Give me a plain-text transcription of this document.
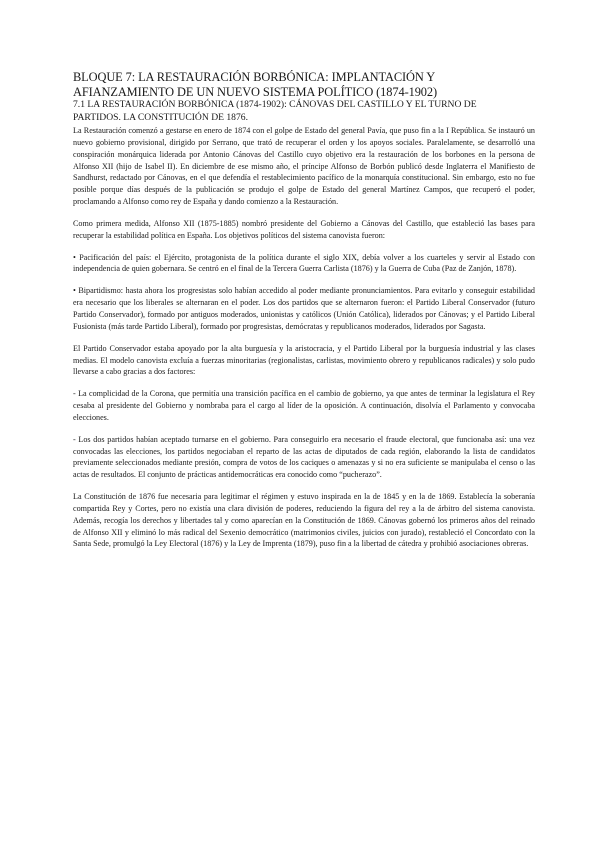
BLOQUE 7: LA RESTAURACIÓN BORBÓNICA: IMPLANTACIÓN Y
AFIANZAMIENTO DE UN NUEVO SISTEMA POLÍTICO (1874-1902)
7.1 LA RESTAURACIÓN BORBÓNICA (1874-1902): CÁNOVAS DEL CASTILLO Y EL TURNO DE
PARTIDOS. LA CONSTITUCIÓN DE 1876.

La Restauración comenzó a gestarse en enero de 1874 con el golpe de Estado del general Pavía, que puso fin a la I República. Se instauró un nuevo gobierno provisional, dirigido por Serrano, que trató de recuperar el orden y los apoyos sociales. Paralelamente, se desarrolló una conspiración monárquica liderada por Antonio Cánovas del Castillo cuyo objetivo era la restauración de los borbones en la persona de Alfonso XII (hijo de Isabel II). En diciembre de ese mismo año, el príncipe Alfonso de Borbón publicó desde Inglaterra el Manifiesto de Sandhurst, redactado por Cánovas, en el que defendía el restablecimiento pacífico de la monarquía constitucional. Sin embargo, esto no fue posible porque días después de la publicación se produjo el golpe de Estado del general Martínez Campos, que recuperó el poder, proclamando a Alfonso como rey de España y dando comienzo a la Restauración.

Como primera medida, Alfonso XII (1875-1885) nombró presidente del Gobierno a Cánovas del Castillo, que estableció las bases para recuperar la estabilidad política en España. Los objetivos políticos del sistema canovista fueron:

• Pacificación del país: el Ejército, protagonista de la política durante el siglo XIX, debía volver a los cuarteles y servir al Estado con independencia de quien gobernara. Se centró en el final de la Tercera Guerra Carlista (1876) y la Guerra de Cuba (Paz de Zanjón, 1878).

• Bipartidismo: hasta ahora los progresistas solo habían accedido al poder mediante pronunciamientos. Para evitarlo y conseguir estabilidad era necesario que los liberales se alternaran en el poder. Los dos partidos que se alternaron fueron: el Partido Liberal Conservador (futuro Partido Conservador), formado por antiguos moderados, unionistas y católicos (Unión Católica), liderados por Cánovas; y el Partido Liberal Fusionista (más tarde Partido Liberal), formado por progresistas, demócratas y republicanos moderados, liderados por Sagasta.

El Partido Conservador estaba apoyado por la alta burguesía y la aristocracia, y el Partido Liberal por la burguesía industrial y las clases medias. El modelo canovista excluía a fuerzas minoritarias (regionalistas, carlistas, movimiento obrero y republicanos radicales) y solo pudo llevarse a cabo gracias a dos factores:

- La complicidad de la Corona, que permitía una transición pacífica en el cambio de gobierno, ya que antes de terminar la legislatura el Rey cesaba al presidente del Gobierno y nombraba para el cargo al líder de la oposición. A continuación, disolvía el Parlamento y convocaba elecciones.

- Los dos partidos habían aceptado turnarse en el gobierno. Para conseguirlo era necesario el fraude electoral, que funcionaba así: una vez convocadas las elecciones, los partidos negociaban el reparto de las actas de diputados de cada región, elaborando la lista de candidatos previamente seleccionados mediante presión, compra de votos de los caciques o amenazas y si no era suficiente se manipulaba el censo o las actas de resultados. El conjunto de prácticas antidemocráticas era conocido como “pucherazo”.

La Constitución de 1876 fue necesaria para legitimar el régimen y estuvo inspirada en la de 1845 y en la de 1869. Establecía la soberanía compartida Rey y Cortes, pero no existía una clara división de poderes, reduciendo la figura del rey a la de árbitro del sistema canovista. Además, recogía los derechos y libertades tal y como aparecían en la Constitución de 1869. Cánovas gobernó los primeros años del reinado de Alfonso XII y eliminó lo más radical del Sexenio democrático (matrimonios civiles, juicios con jurado), restableció el Concordato con la Santa Sede, promulgó la Ley Electoral (1876) y la Ley de Imprenta (1879), puso fin a la libertad de cátedra y prohibió asociaciones obreras.
